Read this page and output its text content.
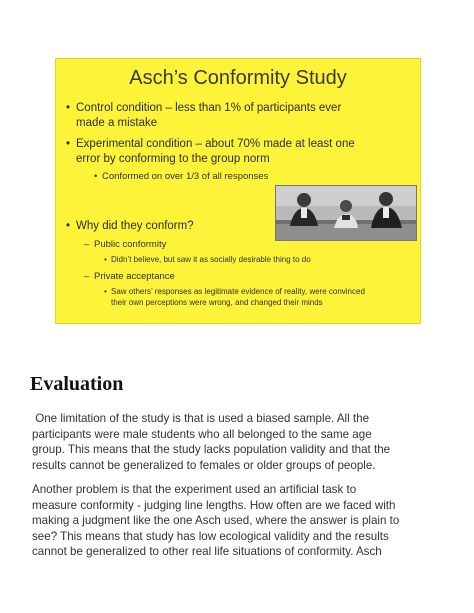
Asch’s Conformity Study
• Control condition – less than 1% of participants ever
made a mistake
• Experimental condition – about 70% made at least one
error by conforming to the group norm
• Conformed on over 1/3 of all responses
• Why did they conform?
– Public conformity
• Didn’t believe, but saw it as socially desirable thing to do
– Private acceptance
• Saw others’ responses as legitimate evidence of reality, were convinced
their own perceptions were wrong, and changed their minds
Evaluation
One limitation of the study is that is used a biased sample. All the
participants were male students who all belonged to the same age
group. This means that the study lacks population validity and that the
results cannot be generalized to females or older groups of people.
Another problem is that the experiment used an artificial task to
measure conformity - judging line lengths. How often are we faced with
making a judgment like the one Asch used, where the answer is plain to
see? This means that study has low ecological validity and the results
cannot be generalized to other real life situations of conformity. Asch
